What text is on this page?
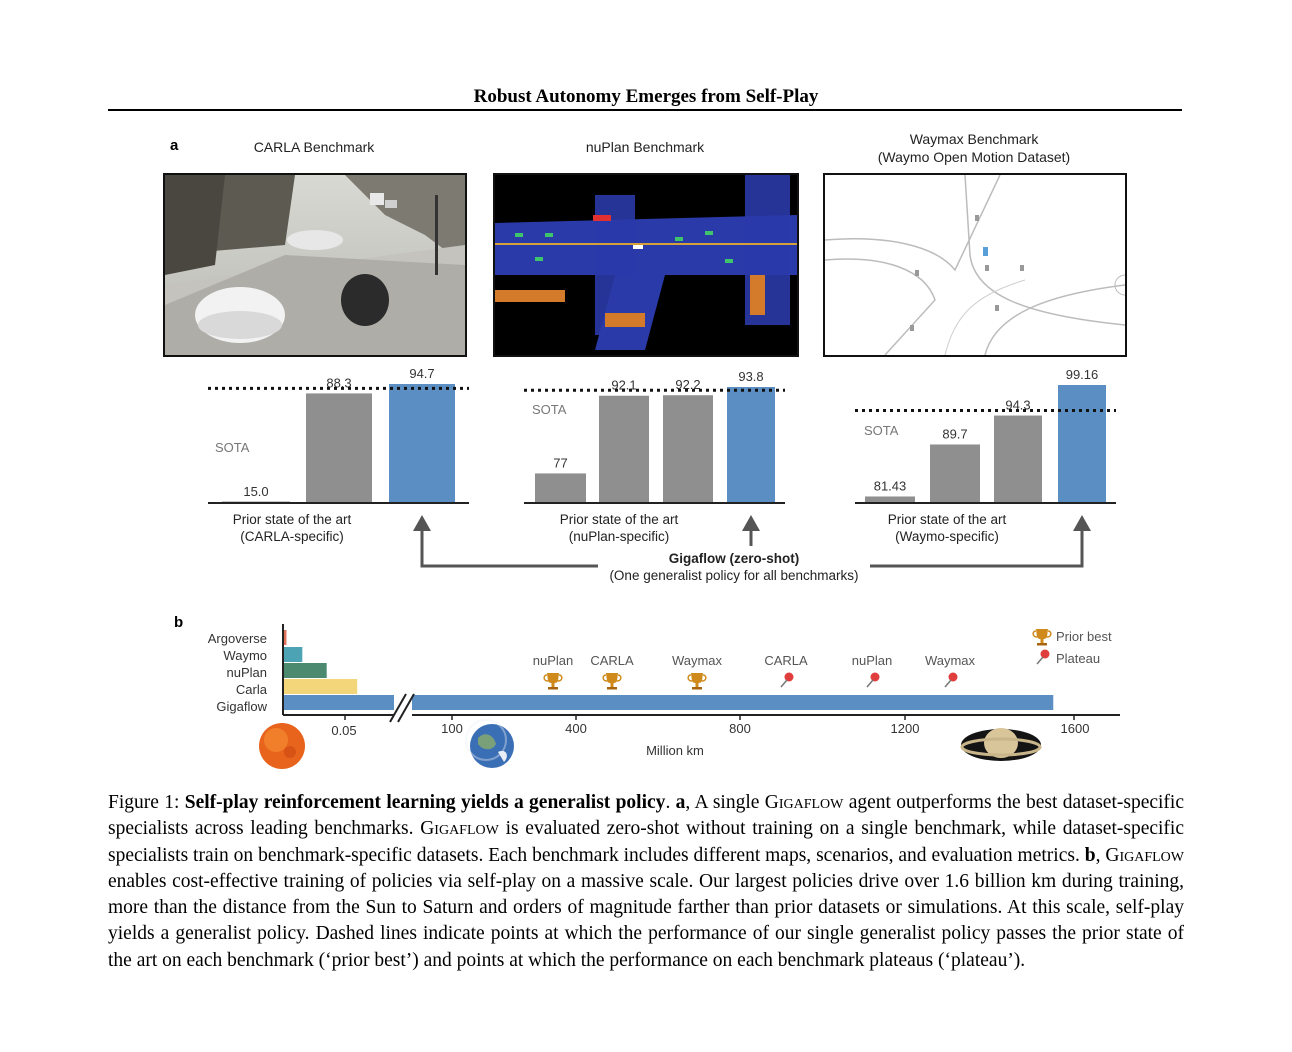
Robust Autonomy Emerges from Self-Play
a	CARLA Benchmark	nuPlan Benchmark	Waymax Benchmark
(Waymo Open Motion Dataset)
15.0
88.3
94.7
77
92.1	92.2
93.8
81.43
89.7
94.3
99.16
SOTA
SOTA
SOTA
Prior state of the art
(CARLA-specific)
Prior state of the art
(nuPlan-specific)
Prior state of the art
(Waymo-specific)
Gigaflow (zero-shot)
(One generalist policy for all benchmarks)
b
nuPlan CARLA	Waymax	CARLA	nuPlan	Waymax
Argoverse
Waymo
nuPlan
Carla
Gigaflow
0.05	100	400	800	1200	1600
Million km
Prior best
Plateau
Figure 1: Self-play reinforcement learning yields a generalist policy. a, A single Gigaflow agent outperforms the best dataset-specific specialists across leading benchmarks. Gigaflow is evaluated zero-shot without training on a single benchmark, while dataset-specific specialists train on benchmark-specific datasets. Each benchmark includes different maps, scenarios, and evaluation metrics. b, Gigaflow enables cost-effective training of policies via self-play on a massive scale. Our largest policies drive over 1.6 billion km during training, more than the distance from the Sun to Saturn and orders of magnitude farther than prior datasets or simulations. At this scale, self-play yields a generalist policy. Dashed lines indicate points at which the performance of our single generalist policy passes the prior state of the art on each benchmark (‘prior best’) and points at which the performance on each benchmark plateaus (‘plateau’).
